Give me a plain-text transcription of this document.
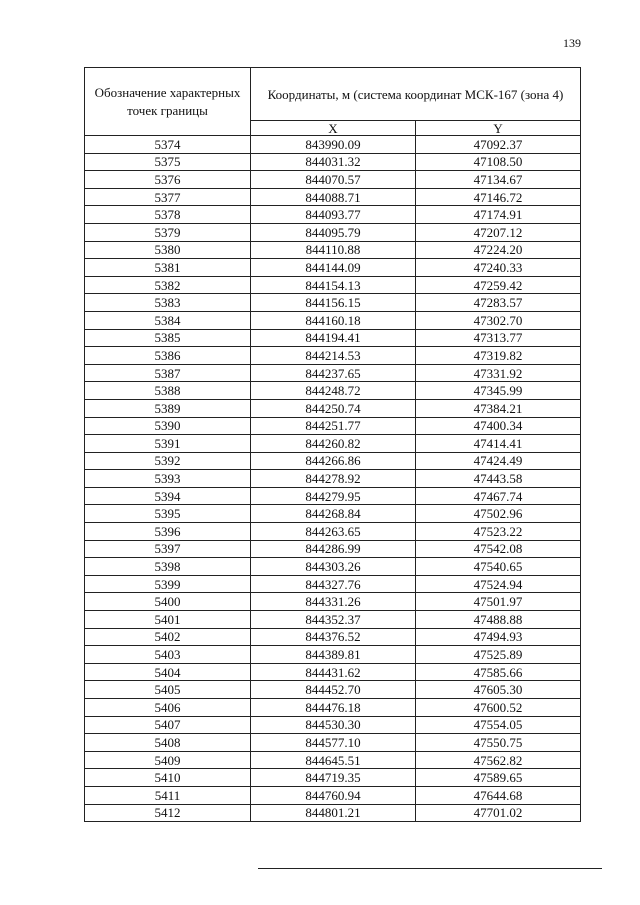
139
Обозначение характерных точек границы	Координаты, м (система координат МСК-167 (зона 4)	
	X	Y
5374	843990.09	47092.37
5375	844031.32	47108.50
5376	844070.57	47134.67
5377	844088.71	47146.72
5378	844093.77	47174.91
5379	844095.79	47207.12
5380	844110.88	47224.20
5381	844144.09	47240.33
5382	844154.13	47259.42
5383	844156.15	47283.57
5384	844160.18	47302.70
5385	844194.41	47313.77
5386	844214.53	47319.82
5387	844237.65	47331.92
5388	844248.72	47345.99
5389	844250.74	47384.21
5390	844251.77	47400.34
5391	844260.82	47414.41
5392	844266.86	47424.49
5393	844278.92	47443.58
5394	844279.95	47467.74
5395	844268.84	47502.96
5396	844263.65	47523.22
5397	844286.99	47542.08
5398	844303.26	47540.65
5399	844327.76	47524.94
5400	844331.26	47501.97
5401	844352.37	47488.88
5402	844376.52	47494.93
5403	844389.81	47525.89
5404	844431.62	47585.66
5405	844452.70	47605.30
5406	844476.18	47600.52
5407	844530.30	47554.05
5408	844577.10	47550.75
5409	844645.51	47562.82
5410	844719.35	47589.65
5411	844760.94	47644.68
5412	844801.21	47701.02
